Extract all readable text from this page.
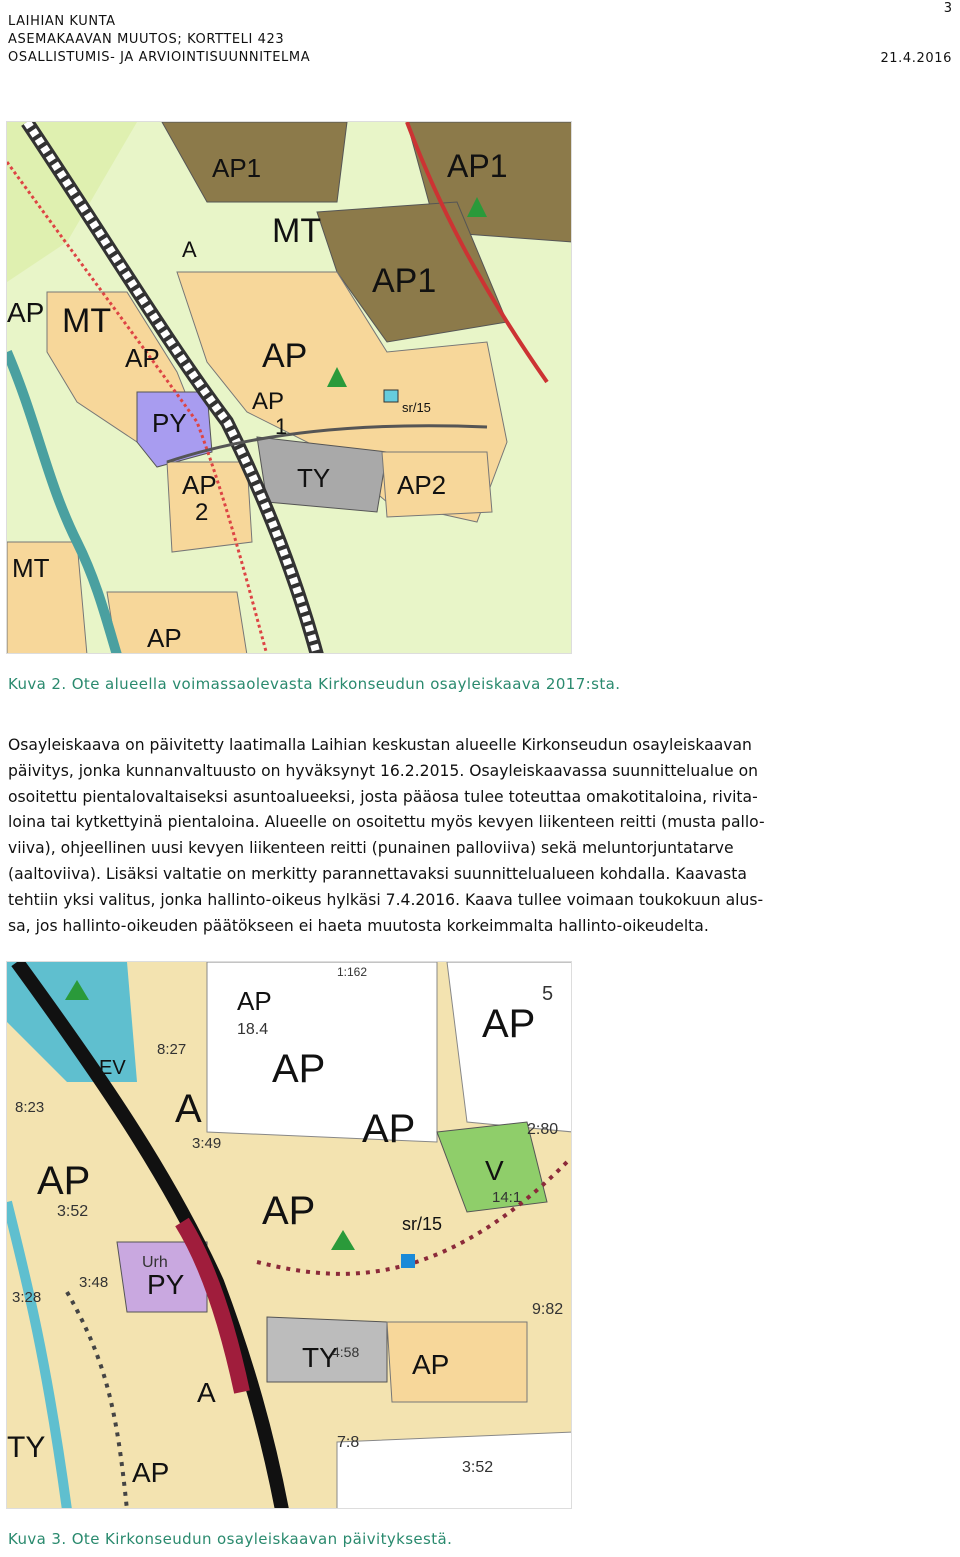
LAIHIAN KUNTA
ASEMAKAAVAN MUUTOS; KORTTELI 423
OSALLISTUMIS- JA ARVIOINTISUUNNITELMA
3
21.4.2016
AP1	AP1
MT
AP1
AP MT
AP	AP
AP
1
PY
AP
2
TY	AP2
MT
AP
sr/15
A
Kuva 2. Ote alueella voimassaolevasta Kirkonseudun osayleiskaava 2017:sta.
Osayleiskaava on päivitetty laatimalla Laihian keskustan alueelle Kirkonseudun osayleiskaavan
päivitys, jonka kunnanvaltuusto on hyväksynyt 16.2.2015. Osayleiskaavassa suunnittelualue on
osoitettu pientalovaltaiseksi asuntoalueeksi, josta pääosa tulee toteuttaa omakotitaloina, rivita-
loina tai kytkettyinä pientaloina. Alueelle on osoitettu myös kevyen liikenteen reitti (musta pallo-
viiva), ohjeellinen uusi kevyen liikenteen reitti (punainen palloviiva) sekä meluntorjuntatarve
(aaltoviiva). Lisäksi valtatie on merkitty parannettavaksi suunnittelualueen kohdalla. Kaavasta
tehtiin yksi valitus, jonka hallinto-oikeus hylkäsi 7.4.2016. Kaava tullee voimaan toukokuun alus-
sa, jos hallinto-oikeuden päätökseen ei haeta muutosta korkeimmalta hallinto-oikeudelta.
AP
18.4
8:27
EV	AP
A
AP
2:80
AP
V
14:1
3:52
AP
sr/15
PY
Urh
AP
TY	AP
A
TY	7:8
3:52
AP
9:82
1:162
5
8:23
3:49
3:48
3:28
4:58
Kuva 3. Ote Kirkonseudun osayleiskaavan päivityksestä.
